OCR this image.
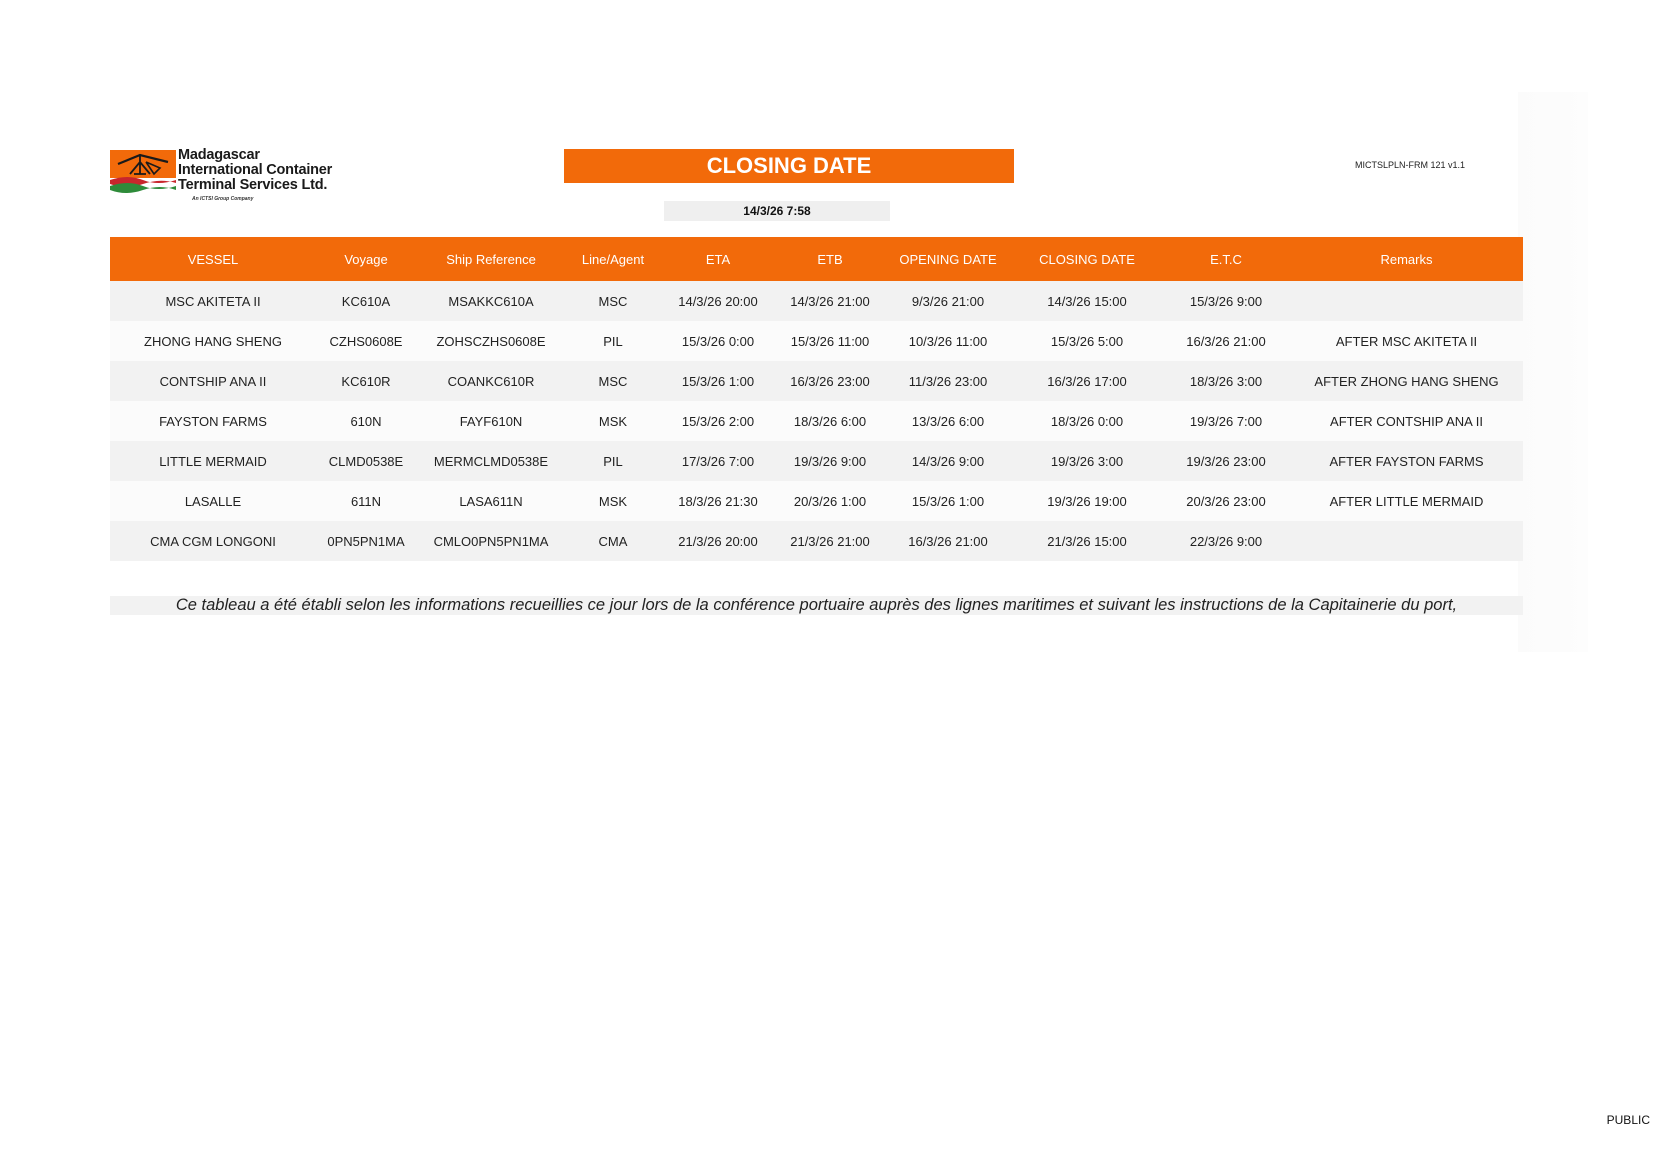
Madagascar
International Container
Terminal Services Ltd.
An ICTSI Group Company
CLOSING DATE
14/3/26 7:58
MICTSLPLN-FRM 121 v1.1
VESSEL	Voyage	Ship Reference	Line/Agent	ETA	ETB	OPENING DATE	CLOSING DATE	E.T.C	Remarks
MSC AKITETA II	KC610A	MSAKKC610A	MSC	14/3/26 20:00	14/3/26 21:00	9/3/26 21:00	14/3/26 15:00	15/3/26 9:00	
ZHONG HANG SHENG	CZHS0608E	ZOHSCZHS0608E	PIL	15/3/26 0:00	15/3/26 11:00	10/3/26 11:00	15/3/26 5:00	16/3/26 21:00	AFTER MSC AKITETA II
CONTSHIP ANA II	KC610R	COANKC610R	MSC	15/3/26 1:00	16/3/26 23:00	11/3/26 23:00	16/3/26 17:00	18/3/26 3:00	AFTER ZHONG HANG SHENG
FAYSTON FARMS	610N	FAYF610N	MSK	15/3/26 2:00	18/3/26 6:00	13/3/26 6:00	18/3/26 0:00	19/3/26 7:00	AFTER CONTSHIP ANA II
LITTLE MERMAID	CLMD0538E	MERMCLMD0538E	PIL	17/3/26 7:00	19/3/26 9:00	14/3/26 9:00	19/3/26 3:00	19/3/26 23:00	AFTER FAYSTON FARMS
LASALLE	611N	LASA611N	MSK	18/3/26 21:30	20/3/26 1:00	15/3/26 1:00	19/3/26 19:00	20/3/26 23:00	AFTER LITTLE MERMAID
CMA CGM LONGONI	0PN5PN1MA	CMLO0PN5PN1MA	CMA	21/3/26 20:00	21/3/26 21:00	16/3/26 21:00	21/3/26 15:00	22/3/26 9:00	
Ce tableau a été établi selon les informations recueillies ce jour lors de la conférence portuaire auprès des lignes maritimes et suivant les instructions de la Capitainerie du port,
PUBLIC
